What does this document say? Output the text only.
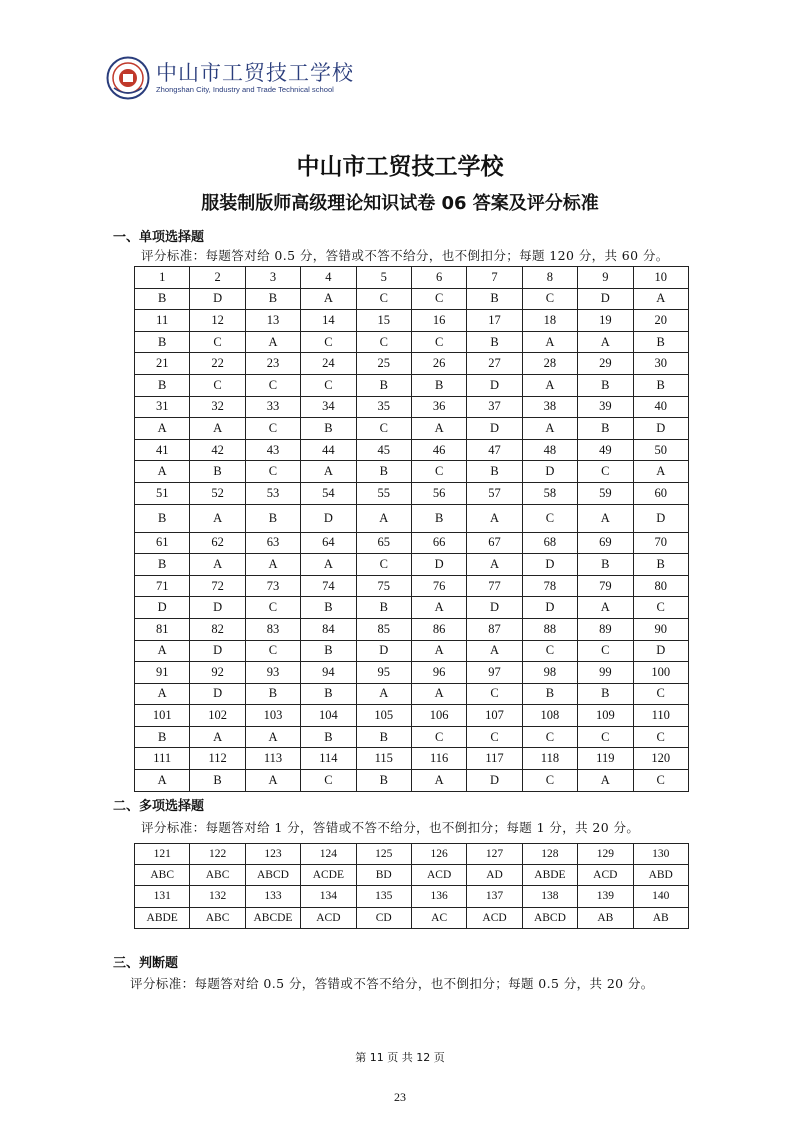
中山市工贸技工学校
Zhongshan City, Industry and Trade Technical school
中山市工贸技工学校
服装制版师高级理论知识试卷 06 答案及评分标准
一、单项选择题
评分标准：每题答对给 0.5 分，答错或不答不给分，也不倒扣分；每题 120 分，共 60 分。
1	2	3	4	5	6	7	8	9	10
B	D	B	A	C	C	B	C	D	A
11	12	13	14	15	16	17	18	19	20
B	C	A	C	C	C	B	A	A	B
21	22	23	24	25	26	27	28	29	30
B	C	C	C	B	B	D	A	B	B
31	32	33	34	35	36	37	38	39	40
A	A	C	B	C	A	D	A	B	D
41	42	43	44	45	46	47	48	49	50
A	B	C	A	B	C	B	D	C	A
51	52	53	54	55	56	57	58	59	60
B	A	B	D	A	B	A	C	A	D
61	62	63	64	65	66	67	68	69	70
B	A	A	A	C	D	A	D	B	B
71	72	73	74	75	76	77	78	79	80
D	D	C	B	B	A	D	D	A	C
81	82	83	84	85	86	87	88	89	90
A	D	C	B	D	A	A	C	C	D
91	92	93	94	95	96	97	98	99	100
A	D	B	B	A	A	C	B	B	C
101	102	103	104	105	106	107	108	109	110
B	A	A	B	B	C	C	C	C	C
111	112	113	114	115	116	117	118	119	120
A	B	A	C	B	A	D	C	A	C
二、多项选择题
评分标准：每题答对给 1 分，答错或不答不给分，也不倒扣分；每题 1 分，共 20 分。
121	122	123	124	125	126	127	128	129	130
ABC	ABC	ABCD	ACDE	BD	ACD	AD	ABDE	ACD	ABD
131	132	133	134	135	136	137	138	139	140
ABDE	ABC	ABCDE	ACD	CD	AC	ACD	ABCD	AB	AB
三、判断题
评分标准：每题答对给 0.5 分，答错或不答不给分，也不倒扣分；每题 0.5 分，共 20 分。
第 11 页 共 12 页
23
